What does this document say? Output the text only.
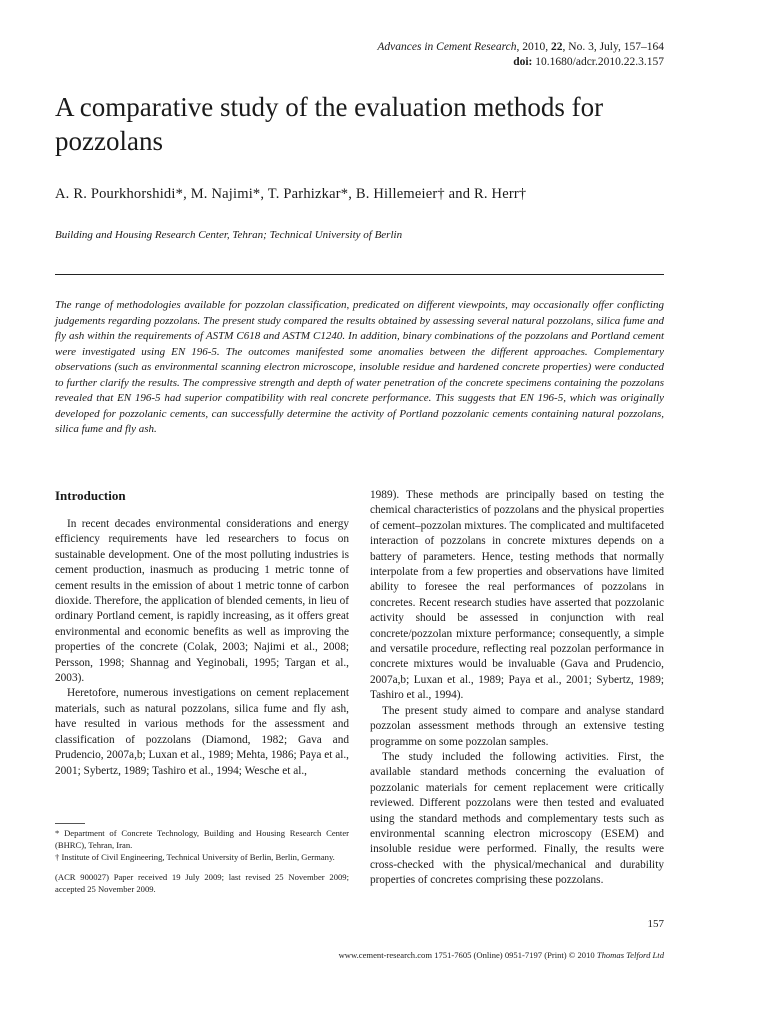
Advances in Cement Research, 2010, 22, No. 3, July, 157–164
doi: 10.1680/adcr.2010.22.3.157
A comparative study of the evaluation methods for pozzolans
A. R. Pourkhorshidi*, M. Najimi*, T. Parhizkar*, B. Hillemeier† and R. Herr†
Building and Housing Research Center, Tehran; Technical University of Berlin

The range of methodologies available for pozzolan classification, predicated on different viewpoints, may occasionally offer conflicting judgements regarding pozzolans. The present study compared the results obtained by assessing several natural pozzolans, silica fume and fly ash within the requirements of ASTM C618 and ASTM C1240. In addition, binary combinations of the pozzolans and Portland cement were investigated using EN 196-5. The outcomes manifested some anomalies between the different approaches. Complementary observations (such as environmental scanning electron microscope, insoluble residue and hardened concrete properties) were conducted to further clarify the results. The compressive strength and depth of water penetration of the concrete specimens containing the pozzolans revealed that EN 196-5 had superior compatibility with real concrete performance. This suggests that EN 196-5, which was originally developed for pozzolanic cements, can successfully determine the activity of Portland pozzolanic cements containing natural pozzolans, silica fume and fly ash.

Introduction

In recent decades environmental considerations and energy efficiency requirements have led researchers to focus on sustainable development. One of the most polluting industries is cement production, inasmuch as producing 1 metric tonne of cement results in the emission of about 1 metric tonne of carbon dioxide. Therefore, the application of blended cements, in lieu of ordinary Portland cement, is rapidly increasing, as it offers great environmental and economic benefits as well as improving the properties of the concrete (Colak, 2003; Najimi et al., 2008; Persson, 1998; Shannag and Yeginobali, 1995; Targan et al., 2003).

Heretofore, numerous investigations on cement replacement materials, such as natural pozzolans, silica fume and fly ash, have resulted in various methods for the assessment and classification of pozzolans (Diamond, 1982; Gava and Prudencio, 2007a,b; Luxan et al., 1989; Mehta, 1986; Paya et al., 2001; Sybertz, 1989; Tashiro et al., 1994; Wesche et al.,

1989). These methods are principally based on testing the chemical characteristics of pozzolans and the physical properties of cement–pozzolan mixtures. The complicated and multifaceted interaction of pozzolans in concrete mixtures depends on a battery of parameters. Hence, testing methods that normally interpolate from a few properties and observations have limited ability to foresee the real performances of pozzolans in concretes. Recent research studies have asserted that pozzolanic activity should be assessed in conjunction with real concrete/pozzolan mixture performance; consequently, a simple and versatile procedure, reflecting real pozzolan performance in concrete mixtures would be invaluable (Gava and Prudencio, 2007a,b; Luxan et al., 1989; Paya et al., 2001; Sybertz, 1989; Tashiro et al., 1994).

The present study aimed to compare and analyse standard pozzolan assessment methods through an extensive testing programme on some pozzolan samples.

The study included the following activities. First, the available standard methods concerning the evaluation of pozzolanic materials for cement replacement were critically reviewed. Different pozzolans were then tested and evaluated using the standard methods and complementary tests such as environmental scanning electron microscopy (ESEM) and insoluble residue were performed. Finally, the results were cross-checked with the physical/mechanical and durability properties of concretes comprising these pozzolans.

* Department of Concrete Technology, Building and Housing Research Center (BHRC), Tehran, Iran.

† Institute of Civil Engineering, Technical University of Berlin, Berlin, Germany.

(ACR 900027) Paper received 19 July 2009; last revised 25 November 2009; accepted 25 November 2009.

157
www.cement-research.com 1751-7605 (Online) 0951-7197 (Print) © 2010 Thomas Telford Ltd
